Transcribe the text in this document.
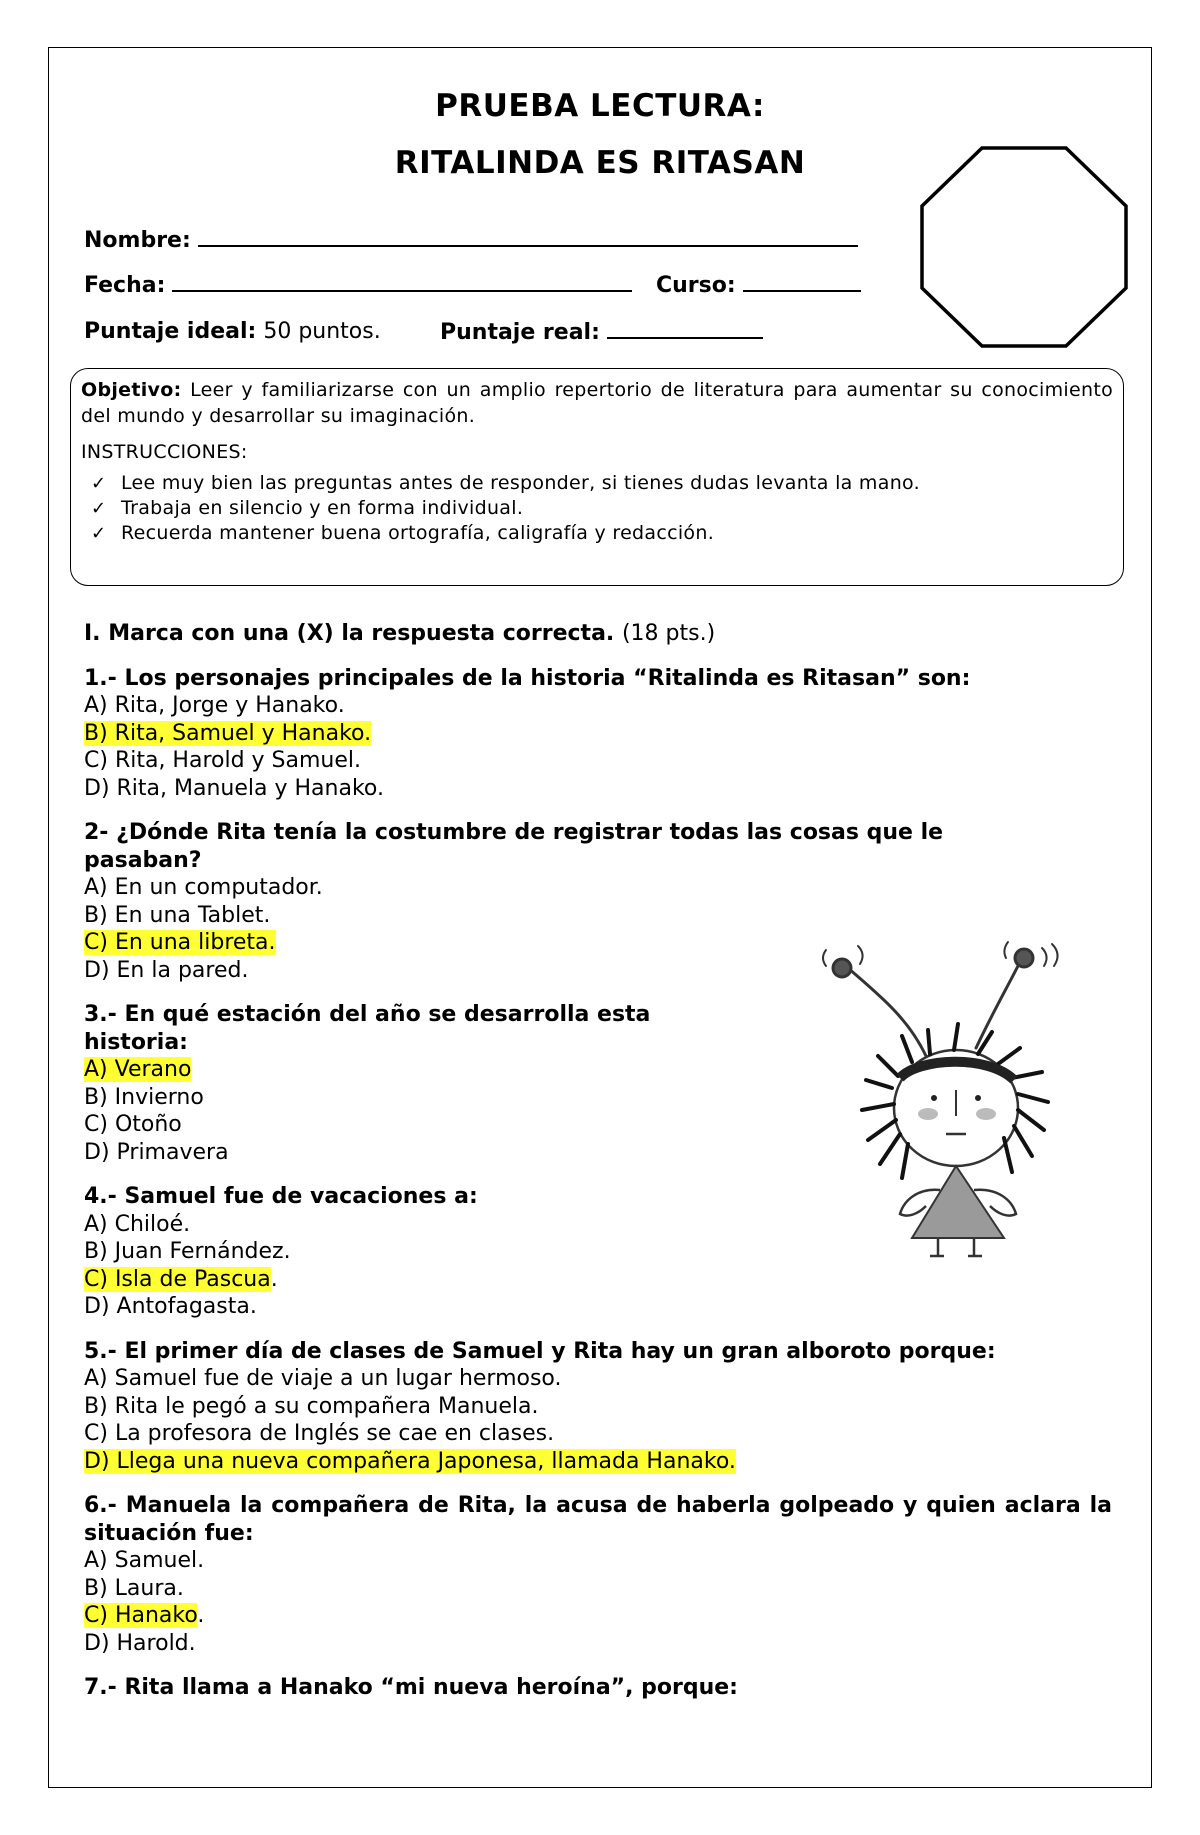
PRUEBA LECTURA:
RITALINDA ES RITASAN
Nombre:
Fecha:	Curso:
Puntaje ideal: 50 puntos.	Puntaje real:
Objetivo: Leer y familiarizarse con un amplio repertorio de literatura para aumentar su conocimiento del mundo y desarrollar su imaginación.
INSTRUCCIONES:
✓ Lee muy bien las preguntas antes de responder, si tienes dudas levanta la mano.
✓ Trabaja en silencio y en forma individual.
✓ Recuerda mantener buena ortografía, caligrafía y redacción.
I. Marca con una (X) la respuesta correcta. (18 pts.)
1.- Los personajes principales de la historia “Ritalinda es Ritasan” son:
A) Rita, Jorge y Hanako.
B) Rita, Samuel y Hanako.
C) Rita, Harold y Samuel.
D) Rita, Manuela y Hanako.
2- ¿Dónde Rita tenía la costumbre de registrar todas las cosas que le pasaban?
A) En un computador.
B) En una Tablet.
C) En una libreta.
D) En la pared.
3.- En qué estación del año se desarrolla esta historia:
A) Verano
B) Invierno
C) Otoño
D) Primavera
4.- Samuel fue de vacaciones a:
A) Chiloé.
B) Juan Fernández.
C) Isla de Pascua.
D) Antofagasta.
5.- El primer día de clases de Samuel y Rita hay un gran alboroto porque:
A) Samuel fue de viaje a un lugar hermoso.
B) Rita le pegó a su compañera Manuela.
C) La profesora de Inglés se cae en clases.
D) Llega una nueva compañera Japonesa, llamada Hanako.
6.- Manuela la compañera de Rita, la acusa de haberla golpeado y quien aclara la situación fue:
A) Samuel.
B) Laura.
C) Hanako.
D) Harold.
7.- Rita llama a Hanako “mi nueva heroína”, porque:
